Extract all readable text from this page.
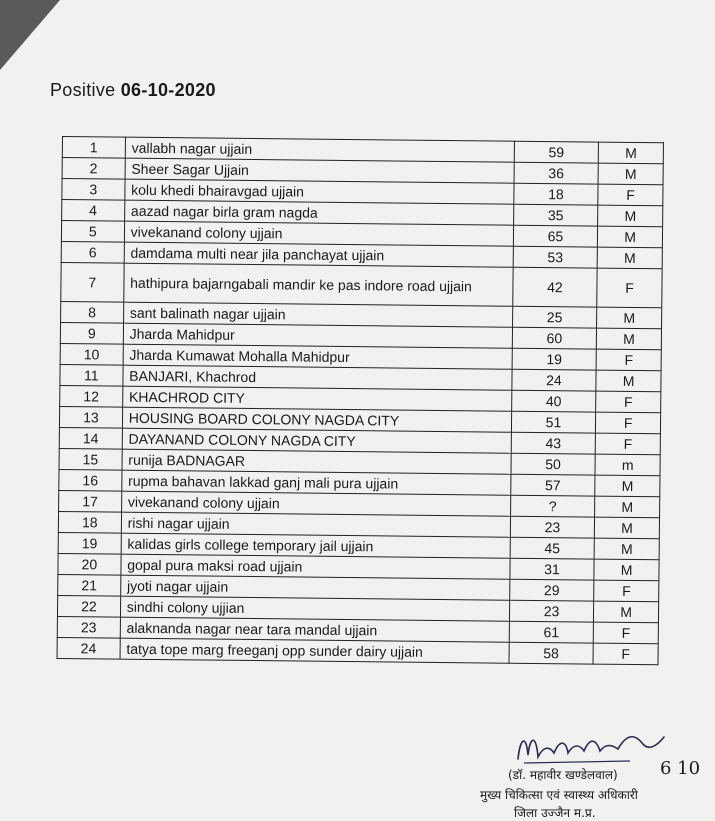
Positive 06-10-2020
1	vallabh nagar ujjain	59	M
2	Sheer Sagar Ujjain	36	M
3	kolu khedi bhairavgad ujjain	18	F
4	aazad nagar birla gram nagda	35	M
5	vivekanand colony ujjain	65	M
6	damdama multi near jila panchayat ujjain	53	M
7	hathipura bajarngabali mandir ke pas indore road ujjain	42	F
8	sant balinath nagar ujjain	25	M
9	Jharda Mahidpur	60	M
10	Jharda Kumawat Mohalla Mahidpur	19	F
11	BANJARI, Khachrod	24	M
12	KHACHROD CITY	40	F
13	HOUSING BOARD COLONY NAGDA CITY	51	F
14	DAYANAND COLONY NAGDA CITY	43	F
15	runija BADNAGAR	50	m
16	rupma bahavan lakkad ganj mali pura ujjain	57	M
17	vivekanand colony ujjain	?	M
18	rishi nagar ujjain	23	M
19	kalidas girls college temporary jail ujjain	45	M
20	gopal pura maksi road ujjain	31	M
21	jyoti nagar ujjain	29	F
22	sindhi colony ujjian	23	M
23	alaknanda nagar near tara mandal ujjain	61	F
24	tatya tope marg freeganj opp sunder dairy ujjain	58	F
(डॉ. महावीर खण्डेलवाल) 6 10
मुख्य चिकित्सा एवं स्वास्थ्य अधिकारी
जिला उज्जैन म.प्र.
